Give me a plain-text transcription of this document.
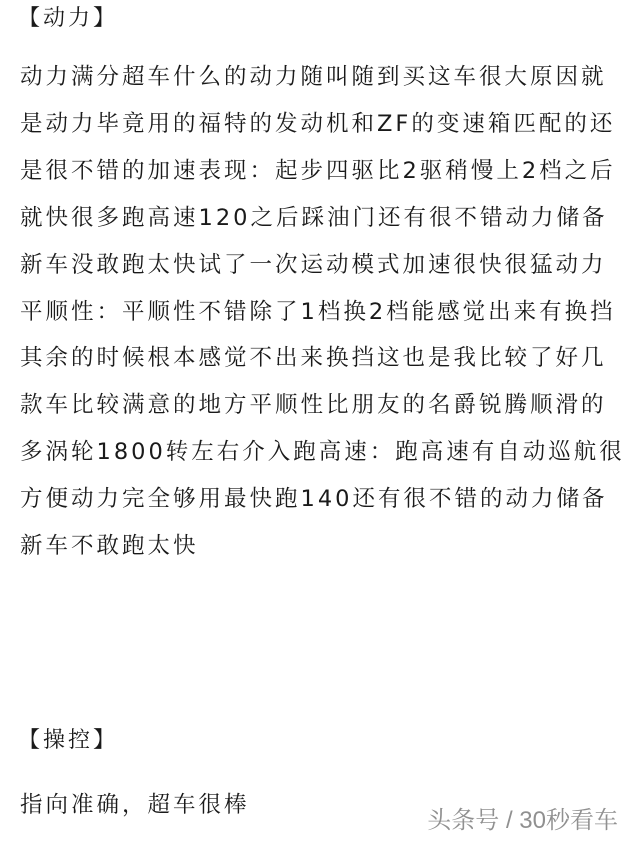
【动力】

动力满分超车什么的动力随叫随到买这车很大原因就是动力毕竟用的福特的发动机和ZF的变速箱匹配的还是很不错的加速表现：起步四驱比2驱稍慢上2档之后就快很多跑高速120之后踩油门还有很不错动力储备新车没敢跑太快试了一次运动模式加速很快很猛动力平顺性：平顺性不错除了1档换2档能感觉出来有换挡其余的时候根本感觉不出来换挡这也是我比较了好几款车比较满意的地方平顺性比朋友的名爵锐腾顺滑的多涡轮1800转左右介入跑高速：跑高速有自动巡航很方便动力完全够用最快跑140还有很不错的动力储备新车不敢跑太快

【操控】

指向准确，超车很棒

头条号 / 30秒看车
